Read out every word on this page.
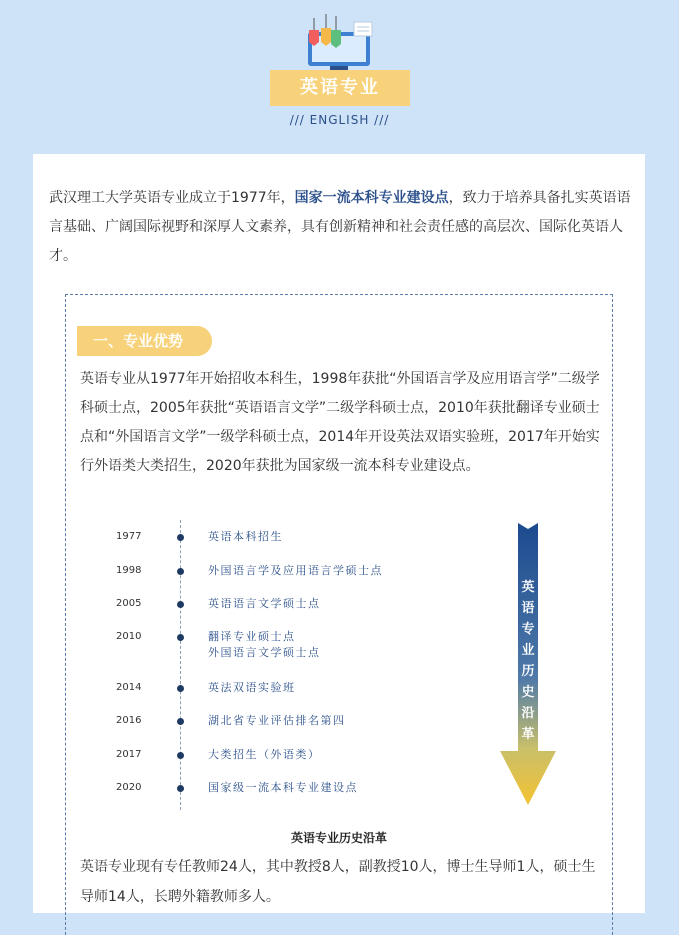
英语专业
/// ENGLISH ///
武汉理工大学英语专业成立于1977年，国家一流本科专业建设点，致力于培养具备扎实英语语言基础、广阔国际视野和深厚人文素养，具有创新精神和社会责任感的高层次、国际化英语人才。
一、专业优势
英语专业从1977年开始招收本科生，1998年获批“外国语言学及应用语言学”二级学科硕士点，2005年获批“英语语言文学”二级学科硕士点，2010年获批翻译专业硕士点和“外国语言文学”一级学科硕士点，2014年开设英法双语实验班，2017年开始实行外语类大类招生，2020年获批为国家级一流本科专业建设点。
1977	英语本科招生
1998	外国语言学及应用语言学硕士点
2005	英语语言文学硕士点
2010	翻译专业硕士点
外国语言文学硕士点
2014	英法双语实验班
2016	湖北省专业评估排名第四
2017	大类招生（外语类）
2020	国家级一流本科专业建设点
英语专业历史沿革
英语专业历史沿革
英语专业现有专任教师24人，其中教授8人，副教授10人，博士生导师1人，硕士生导师14人，长聘外籍教师多人。
